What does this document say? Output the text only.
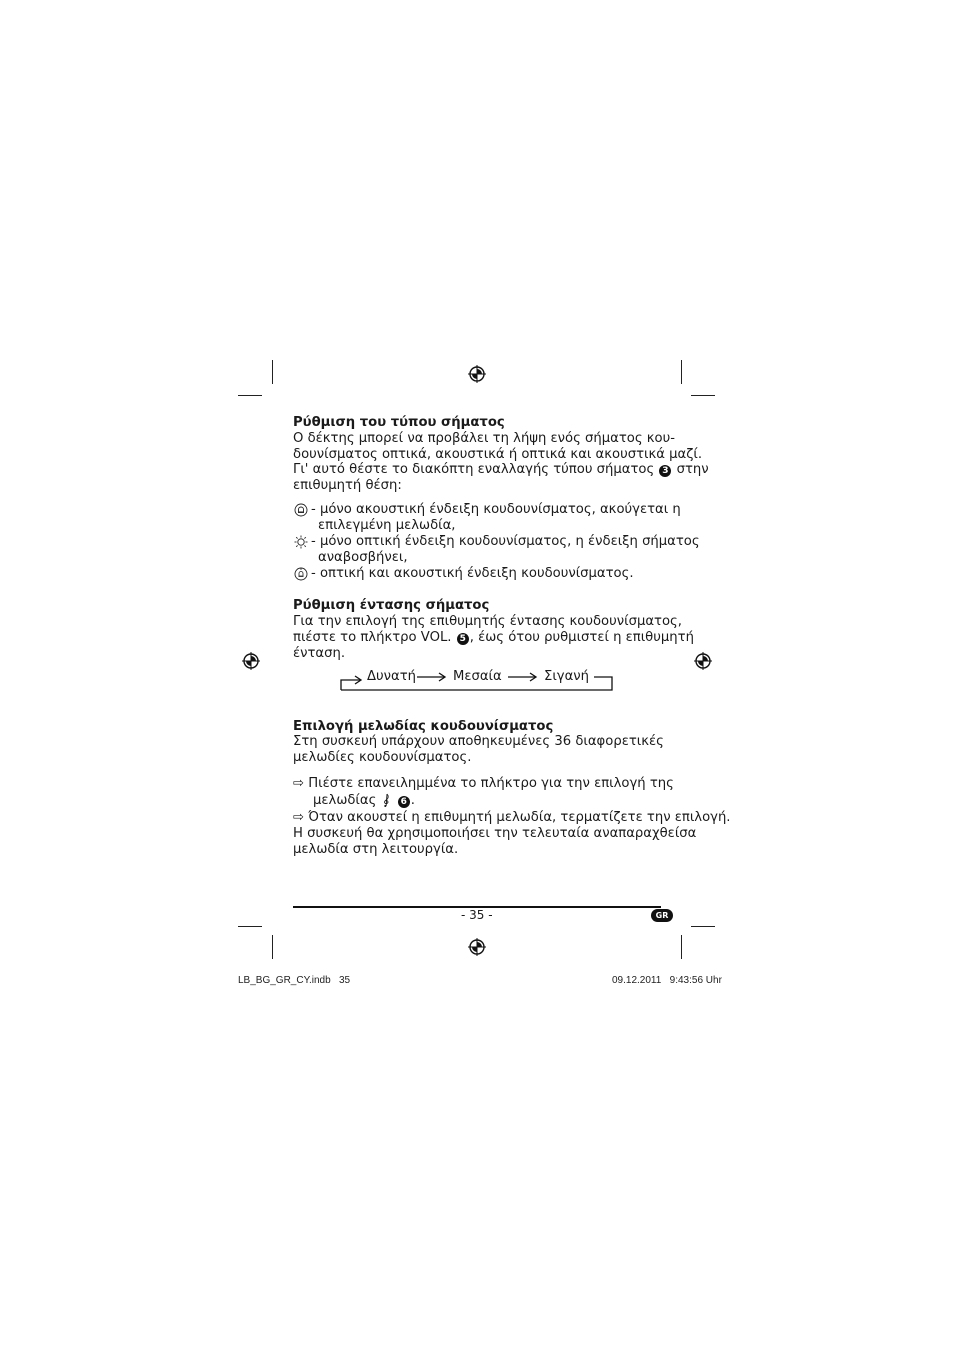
Ρύθμιση του τύπου σήματος
Ο δέκτης μπορεί να προβάλει τη λήψη ενός σήματος κου-
δουνίσματος οπτικά, ακουστικά ή οπτικά και ακουστικά μαζί.
Γι' αυτό θέστε το διακόπτη εναλλαγής τύπου σήματος 3 στην
επιθυμητή θέση:
- μόνο ακουστική ένδειξη κουδουνίσματος, ακούγεται η
επιλεγμένη μελωδία,
- μόνο οπτική ένδειξη κουδουνίσματος, η ένδειξη σήματος
αναβοσβήνει,
- οπτική και ακουστική ένδειξη κουδουνίσματος.
Ρύθμιση έντασης σήματος
Για την επιλογή της επιθυμητής έντασης κουδουνίσματος,
πιέστε το πλήκτρο VOL. 5 , έως ότου ρυθμιστεί η επιθυμητή
ένταση.
Δυνατή	Μεσαία	Σιγανή
Επιλογή μελωδίας κουδουνίσματος
Στη συσκευή υπάρχουν αποθηκευμένες 36 διαφορετικές
μελωδίες κουδουνίσματος.
⇨ Πιέστε επανειλημμένα το πλήκτρο για την επιλογή της
μελωδίας	6 .
⇨ Όταν ακουστεί η επιθυμητή μελωδία, τερματίζετε την επιλογή.
Η συσκευή θα χρησιμοποιήσει την τελευταία αναπαραχθείσα
μελωδία στη λειτουργία.
- 35 -	GR
LB_BG_GR_CY.indb   35	09.12.2011   9:43:56 Uhr
